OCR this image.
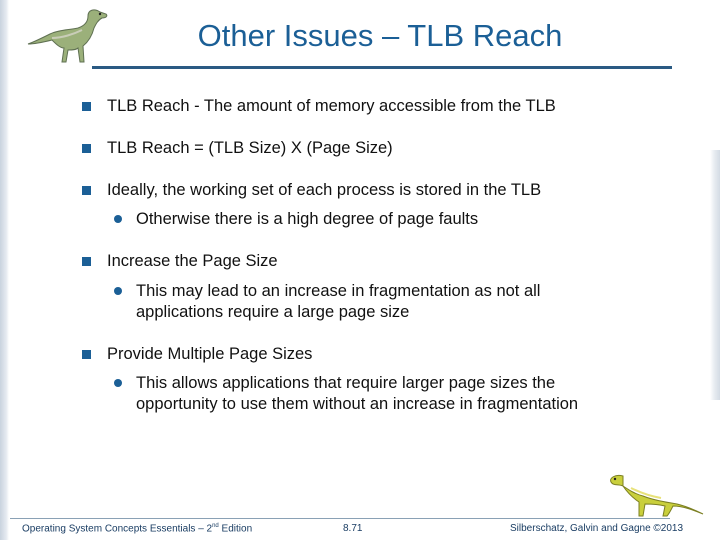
Other Issues – TLB Reach
TLB Reach - The amount of memory accessible from the TLB
TLB Reach = (TLB Size) X (Page Size)
Ideally, the working set of each process is stored in the TLB
Otherwise there is a high degree of page faults
Increase the Page Size
This may lead to an increase in fragmentation as not all
applications require a large page size
Provide Multiple Page Sizes
This allows applications that require larger page sizes the
opportunity to use them without an increase in fragmentation
Operating System Concepts Essentials – 2nd Edition	8.71	Silberschatz, Galvin and Gagne ©2013
